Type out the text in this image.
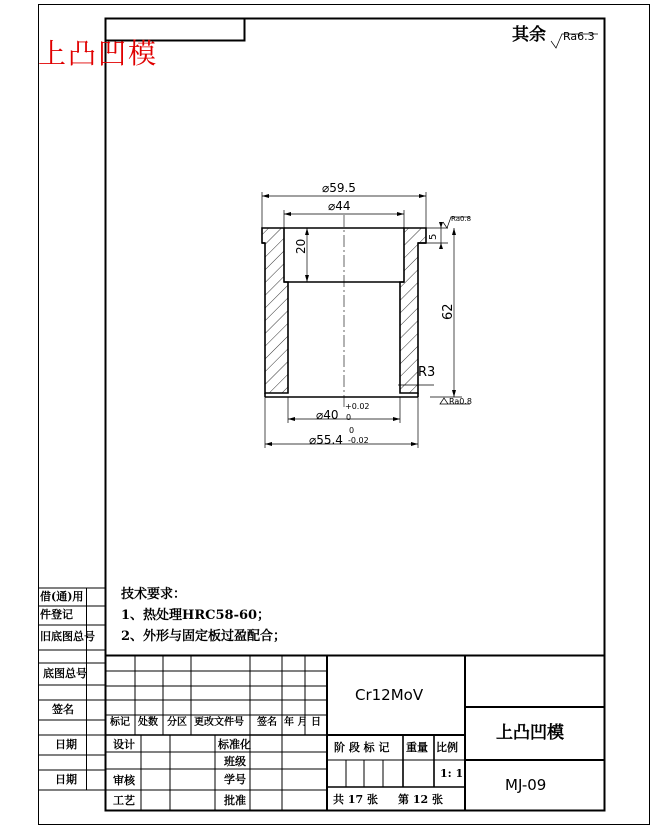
上凸凹模
其余 Ra6.3
⌀59.5
⌀44
20
5
62
R3
⌀40
+0.02
0
⌀55.4
0
-0.02
Ra0.8
Ra0.8
技术要求：
1、热处理HRC58-60；
2、外形与固定板过盈配合；
借(通)用
件登记
旧底图总号
底图总号
签名
日期
日期
Cr12MoV
上凸凹模
MJ-09
标记 处数 分区 更改文件号 签名 年 月 日
设计
审核
工艺
标准化
班级
学号
批准
阶 段 标 记 重量 比例
1: 1
共 17 张 第 12 张
